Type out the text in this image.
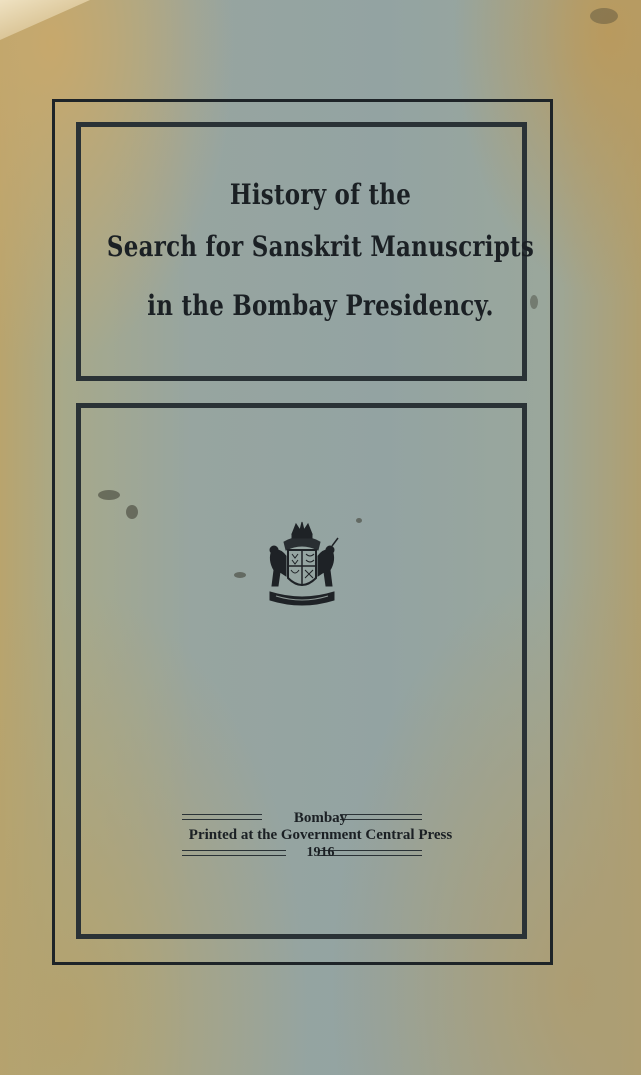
History of the
Search for Sanskrit Manuscripts
in the Bombay Presidency.
Bombay
Printed at the Government Central Press
1916
